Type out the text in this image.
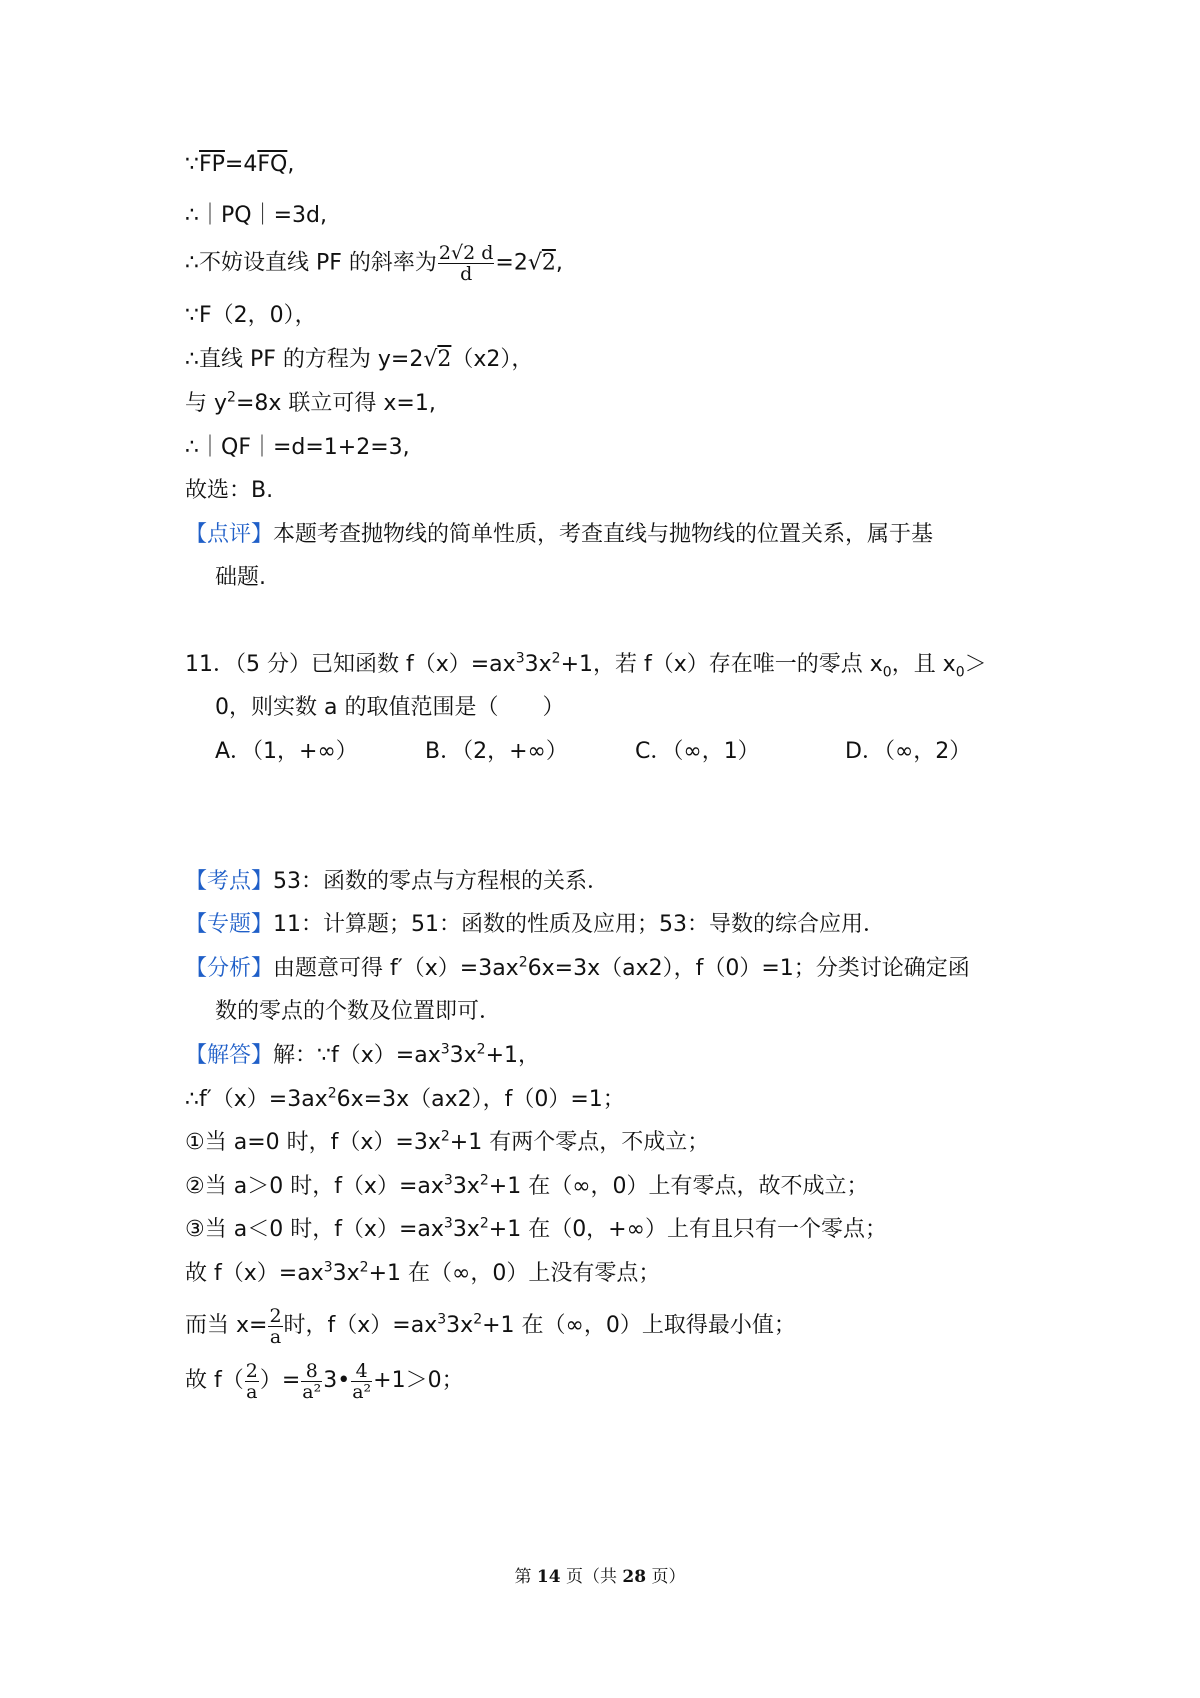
$\because\overline{FP}=4\overline{FQ}$,
∴｜PQ｜=3d,
∴不妨设直线 PF 的斜率为 $\frac{2√2 d}{d} =2√2$,
∵F（2，0），
∴直线 PF 的方程为 y=2√2（x2），
与 $y^2=8x$ 联立可得 x=1,
∴｜QF｜=d=1+2=3,
故选：B.
【点评】本题考查抛物线的简单性质，考查直线与抛物线的位置关系，属于基
础题.
11．（5 分）已知函数 $f(x)=ax^33x^2+1$，若 f（x）存在唯一的零点 $x_0$，且 $x_0>$
0，则实数 a 的取值范围是（　　）
A．（1，+∞）	B．（2，+∞）	C．（∞，1）	D．（∞，2）
【考点】53：函数的零点与方程根的关系．
【专题】11：计算题；51：函数的性质及应用；53：导数的综合应用．
【分析】由题意可得 $f'(x)=3ax^26x=3x(ax2)$，f（0）=1；分类讨论确定函
数的零点的个数及位置即可．
【解答】解：$\because f(x)=ax^33x^2+1$，
$\therefore f'(x)=3ax^26x=3x(ax2)$，f（0）=1；
①当 a=0 时，$f(x)=3x^2+1$ 有两个零点，不成立；
②当 a＞0 时，$f(x)=ax^33x^2+1$ 在（∞，0）上有零点，故不成立；
③当 a＜0 时，$f(x)=ax^33x^2+1$ 在（0，+∞）上有且只有一个零点；
故 $f(x)=ax^33x^2+1$ 在（∞，0）上没有零点；
而当 $x= \frac{2}{a}$ 时，$f(x)=ax^33x^2+1$ 在（∞，0）上取得最小值；
故 $f( \frac{2}{a}$ ）= $\frac{8}{\text{a²}}$ 3• $\frac{4}{\text{a²}} +1>0$；
第 14 页（共 28 页）
